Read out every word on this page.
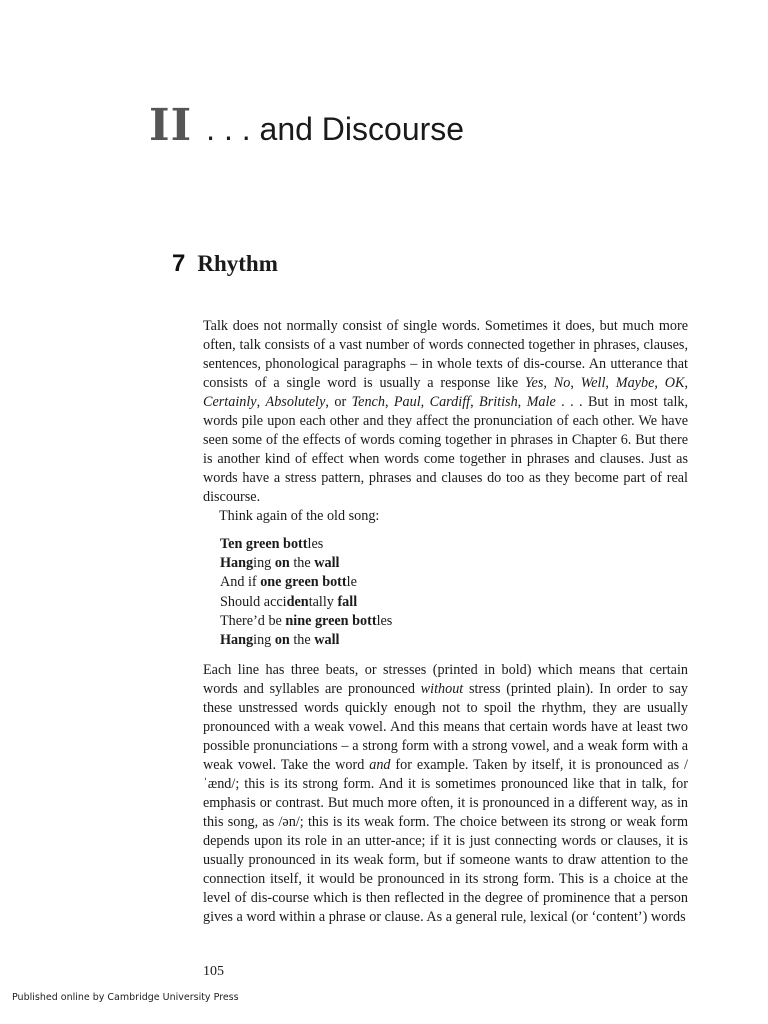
II . . . and Discourse
7 Rhythm

Talk does not normally consist of single words. Sometimes it does, but much more often, talk consists of a vast number of words connected together in phrases, clauses, sentences, phonological paragraphs – in whole texts of dis-course. An utterance that consists of a single word is usually a response like Yes, No, Well, Maybe, OK, Certainly, Absolutely, or Tench, Paul, Cardiff, British, Male . . . But in most talk, words pile upon each other and they affect the pronunciation of each other. We have seen some of the effects of words coming together in phrases in Chapter 6. But there is another kind of effect when words come together in phrases and clauses. Just as words have a stress pattern, phrases and clauses do too as they become part of real discourse.

Think again of the old song:

Ten green bottles
Hanging on the wall
And if one green bottle
Should accidentally fall
There’d be nine green bottles
Hanging on the wall

Each line has three beats, or stresses (printed in bold) which means that certain words and syllables are pronounced without stress (printed plain). In order to say these unstressed words quickly enough not to spoil the rhythm, they are usually pronounced with a weak vowel. And this means that certain words have at least two possible pronunciations – a strong form with a strong vowel, and a weak form with a weak vowel. Take the word and for example. Taken by itself, it is pronounced as /ˈænd/; this is its strong form. And it is sometimes pronounced like that in talk, for emphasis or contrast. But much more often, it is pronounced in a different way, as in this song, as /ən/; this is its weak form. The choice between its strong or weak form depends upon its role in an utter-ance; if it is just connecting words or clauses, it is usually pronounced in its weak form, but if someone wants to draw attention to the connection itself, it would be pronounced in its strong form. This is a choice at the level of dis-course which is then reflected in the degree of prominence that a person gives a word within a phrase or clause. As a general rule, lexical (or ‘content’) words

105
Published online by Cambridge University Press
